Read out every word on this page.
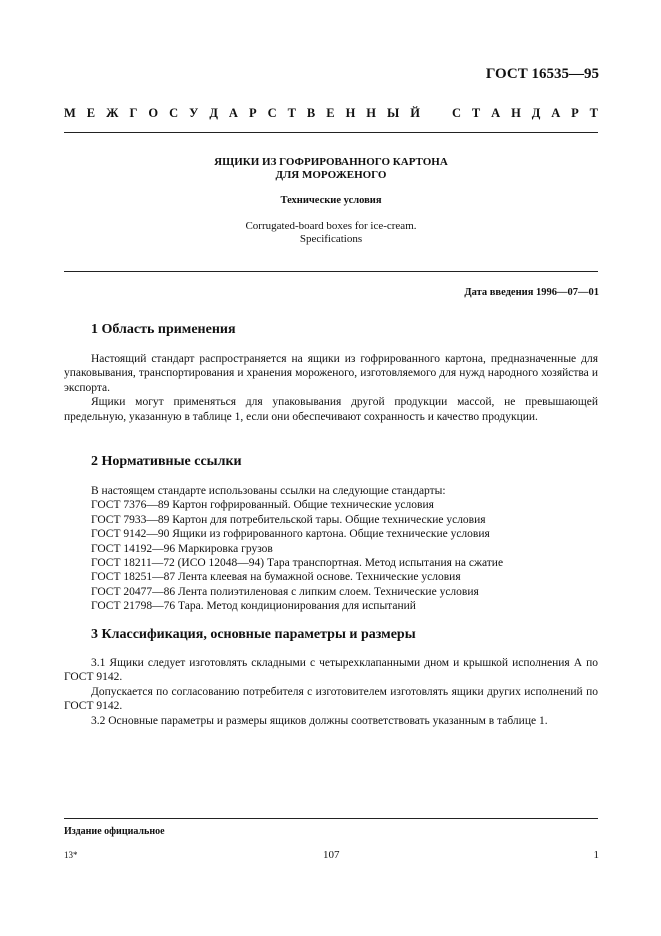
ГОСТ 16535—95
М Е Ж Г О С У Д А Р С Т В Е Н Н Ы Й	С Т А Н Д А Р Т
ЯЩИКИ ИЗ ГОФРИРОВАННОГО КАРТОНА
ДЛЯ МОРОЖЕНОГО
Технические условия
Corrugated-board boxes for ice-cream.
Specifications
Дата введения 1996—07—01
1 Область применения

Настоящий стандарт распространяется на ящики из гофрированного картона, предназначенные для упаковывания, транспортирования и хранения мороженого, изготовляемого для нужд народного хозяйства и экспорта.

Ящики могут применяться для упаковывания другой продукции массой, не превышающей предельную, указанную в таблице 1, если они обеспечивают сохранность и качество продукции.

2 Нормативные ссылки
В настоящем стандарте использованы ссылки на следующие стандарты:
ГОСТ 7376—89 Картон гофрированный. Общие технические условия
ГОСТ 7933—89 Картон для потребительской тары. Общие технические условия
ГОСТ 9142—90 Ящики из гофрированного картона. Общие технические условия
ГОСТ 14192—96 Маркировка грузов
ГОСТ 18211—72 (ИСО 12048—94) Тара транспортная. Метод испытания на сжатие
ГОСТ 18251—87 Лента клеевая на бумажной основе. Технические условия
ГОСТ 20477—86 Лента полиэтиленовая с липким слоем. Технические условия
ГОСТ 21798—76 Тара. Метод кондиционирования для испытаний
3 Классификация, основные параметры и размеры

3.1 Ящики следует изготовлять складными с четырехклапанными дном и крышкой исполнения А по ГОСТ 9142.

Допускается по согласованию потребителя с изготовителем изготовлять ящики других исполнений по ГОСТ 9142.

3.2 Основные параметры и размеры ящиков должны соответствовать указанным в таблице 1.

Издание официальное
13*	107	1
